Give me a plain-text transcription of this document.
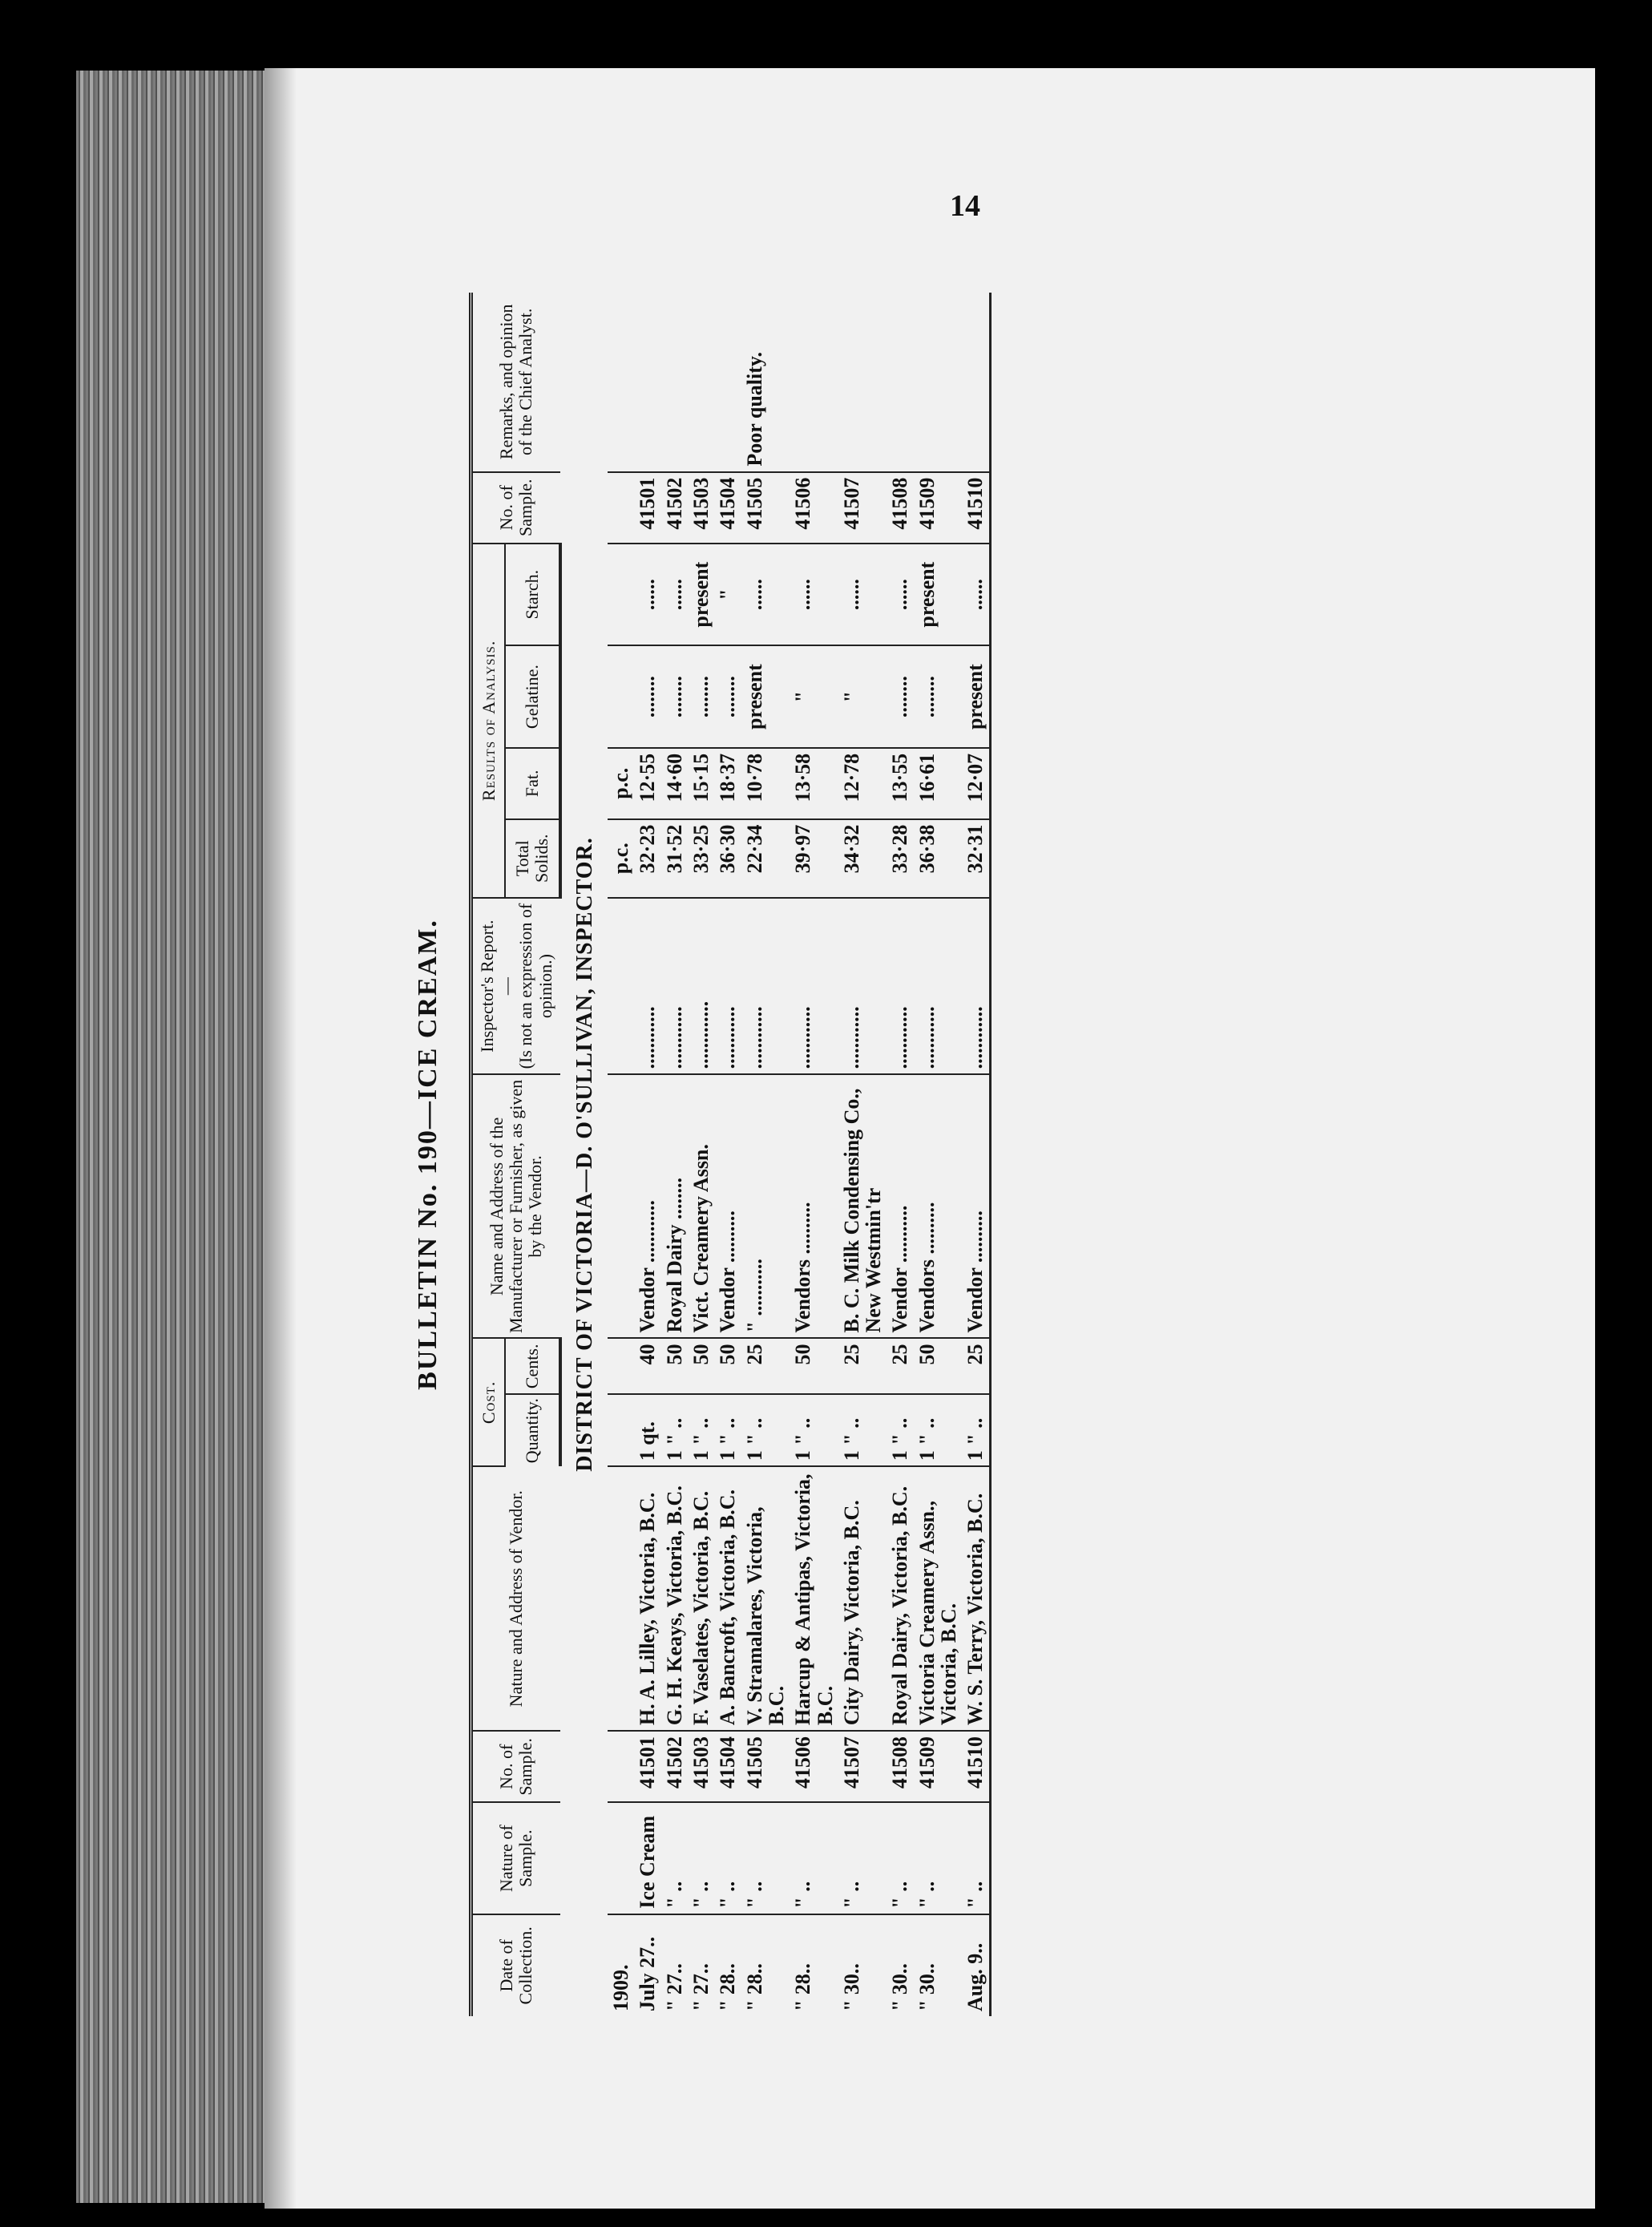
14
BULLETIN No. 190—ICE CREAM.
Date of Collection.	Nature of Sample.	No. of Sample.	Nature and Address of Vendor.	Cost.		Name and Address of the Manufacturer or Furnisher, as given by the Vendor.	Inspector's Report. — (Is not an expression of opinion.)	Results of Analysis.				No. of Sample.	Remarks, and opinion of the Chief Analyst.
				Quantity.	Cents.			Total Solids.	Fat.	Gelatine.	Starch.		
DISTRICT OF VICTORIA—D. O'SULLIVAN, INSPECTOR.													
1909.								p.c.	p.c.				
July 27..	Ice Cream	41501	H. A. Lilley, Victoria, B.C.	1 qt.	40	Vendor ............	............	32·23	12·55	........	......	41501	
" 27..	" ..	41502	G. H. Keays, Victoria, B.C.	1 " ..	50	Royal Dairy ........	............	31·52	14·60	........	......	41502	
" 27..	" ..	41503	F. Vaselates, Victoria, B.C.	1 " ..	50	Vict. Creamery Assn.	.............	33·25	15·15	........	present	41503	
" 28..	" ..	41504	A. Bancroft, Victoria, B.C.	1 " ..	50	Vendor ..........	............	36·30	18·37	........	"	41504	
" 28..	" ..	41505	V. Stramalares, Victoria, B.C.	1 " ..	25	" ...........	............	22·34	10·78	present	......	41505	Poor quality.
" 28..	" ..	41506	Harcup & Antipas, Victoria, B.C.	1 " ..	50	Vendors ..........	............	39·97	13·58	"	......	41506	
" 30..	" ..	41507	City Dairy, Victoria, B.C.	1 " ..	25	B. C. Milk Condensing Co., New Westmin'tr	............	34·32	12·78	"	......	41507	
" 30..	" ..	41508	Royal Dairy, Victoria, B.C.	1 " ..	25	Vendor ...........	............	33·28	13·55	........	......	41508	
" 30..	" ..	41509	Victoria Creamery Assn., Victoria, B.C.	1 " ..	50	Vendors ..........	............	36·38	16·61	........	present	41509	
Aug. 9..	" ..	41510	W. S. Terry, Victoria, B.C.	1 " ..	25	Vendor ..........	............	32·31	12·07	present	......	41510	
